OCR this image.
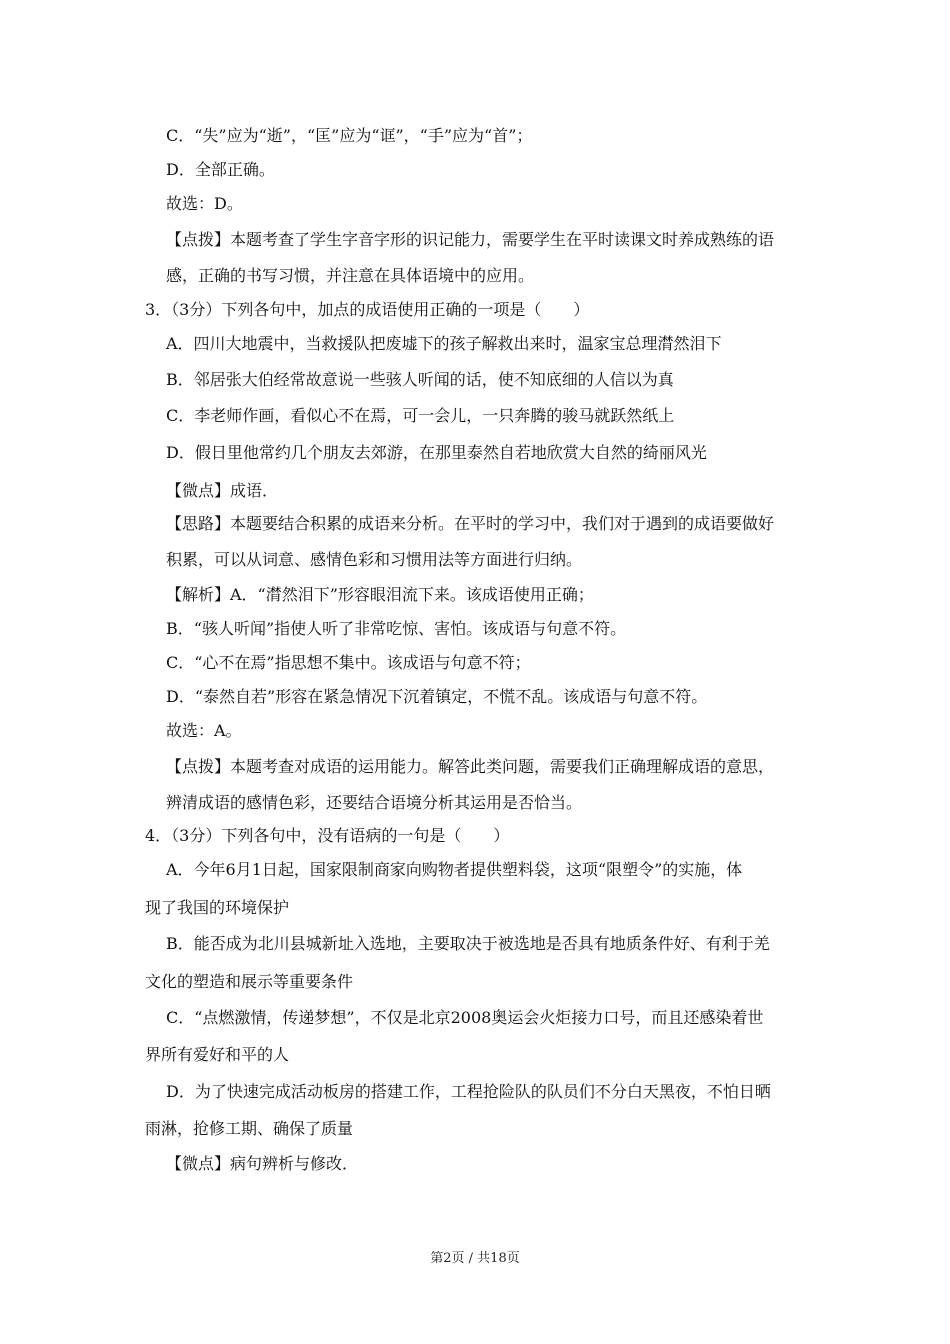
C．“失”应为“逝”，“匡”应为“诓”，“手”应为“首”；
D．全部正确。
故选：D。
【点拨】本题考查了学生字音字形的识记能力，需要学生在平时读课文时养成熟练的语
感，正确的书写习惯，并注意在具体语境中的应用。
3．（3分）下列各句中，加点的成语使用正确的一项是（　　）
A．四川大地震中，当救援队把废墟下的孩子解救出来时，温家宝总理潸然泪下
B．邻居张大伯经常故意说一些骇人听闻的话，使不知底细的人信以为真
C．李老师作画，看似心不在焉，可一会儿，一只奔腾的骏马就跃然纸上
D．假日里他常约几个朋友去郊游，在那里泰然自若地欣赏大自然的绮丽风光
【微点】成语．
【思路】本题要结合积累的成语来分析。在平时的学习中，我们对于遇到的成语要做好
积累，可以从词意、感情色彩和习惯用法等方面进行归纳。
【解析】A．“潸然泪下”形容眼泪流下来。该成语使用正确；
B．“骇人听闻”指使人听了非常吃惊、害怕。该成语与句意不符。
C．“心不在焉”指思想不集中。该成语与句意不符；
D．“泰然自若”形容在紧急情况下沉着镇定，不慌不乱。该成语与句意不符。
故选：A。
【点拨】本题考查对成语的运用能力。解答此类问题，需要我们正确理解成语的意思，
辨清成语的感情色彩，还要结合语境分析其运用是否恰当。
4．（3分）下列各句中，没有语病的一句是（　　）
A．今年6月1日起，国家限制商家向购物者提供塑料袋，这项“限塑令”的实施，体
现了我国的环境保护
B．能否成为北川县城新址入选地，主要取决于被选地是否具有地质条件好、有利于羌
文化的塑造和展示等重要条件
C．“点燃激情，传递梦想”，不仅是北京2008奥运会火炬接力口号，而且还感染着世
界所有爱好和平的人
D．为了快速完成活动板房的搭建工作，工程抢险队的队员们不分白天黑夜，不怕日晒
雨淋，抢修工期、确保了质量
【微点】病句辨析与修改．
第2页 / 共18页
